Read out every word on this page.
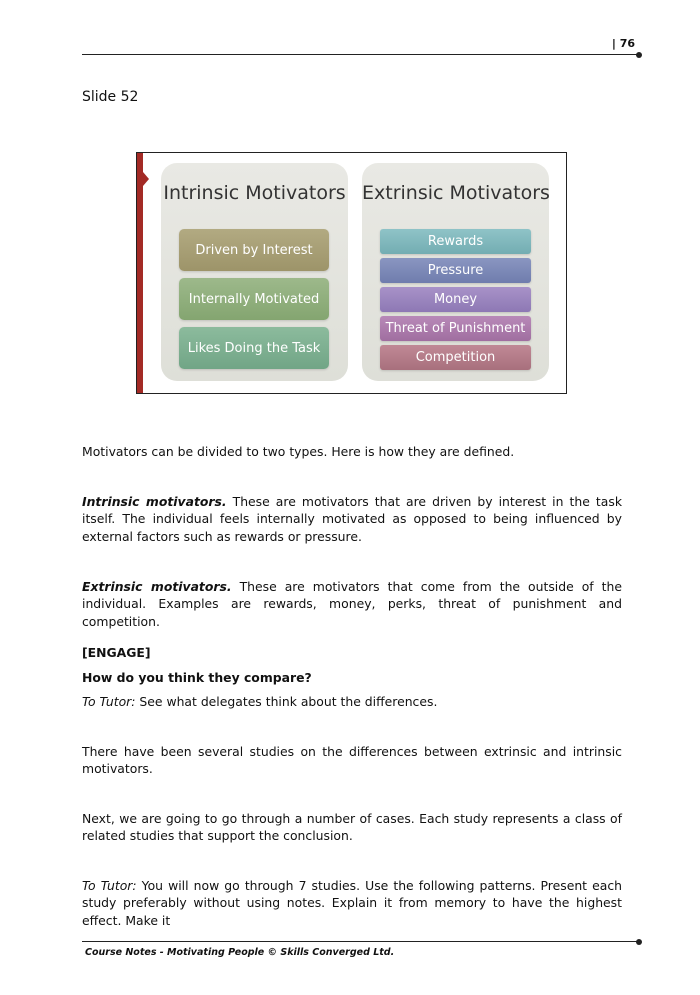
| 76
Slide 52
Intrinsic Motivators
Driven by Interest
Internally Motivated
Likes Doing the Task
Extrinsic Motivators
Rewards
Pressure
Money
Threat of Punishment
Competition
Motivators can be divided to two types. Here is how they are defined.
Intrinsic motivators. These are motivators that are driven by interest in the task itself. The individual feels internally motivated as opposed to being influenced by external factors such as rewards or pressure.
Extrinsic motivators. These are motivators that come from the outside of the individual. Examples are rewards, money, perks, threat of punishment and competition.
[ENGAGE]
How do you think they compare?
To Tutor: See what delegates think about the differences.
There have been several studies on the differences between extrinsic and intrinsic motivators.
Next, we are going to go through a number of cases. Each study represents a class of related studies that support the conclusion.
To Tutor: You will now go through 7 studies. Use the following patterns. Present each study preferably without using notes. Explain it from memory to have the highest effect. Make it
Course Notes - Motivating People © Skills Converged Ltd.
